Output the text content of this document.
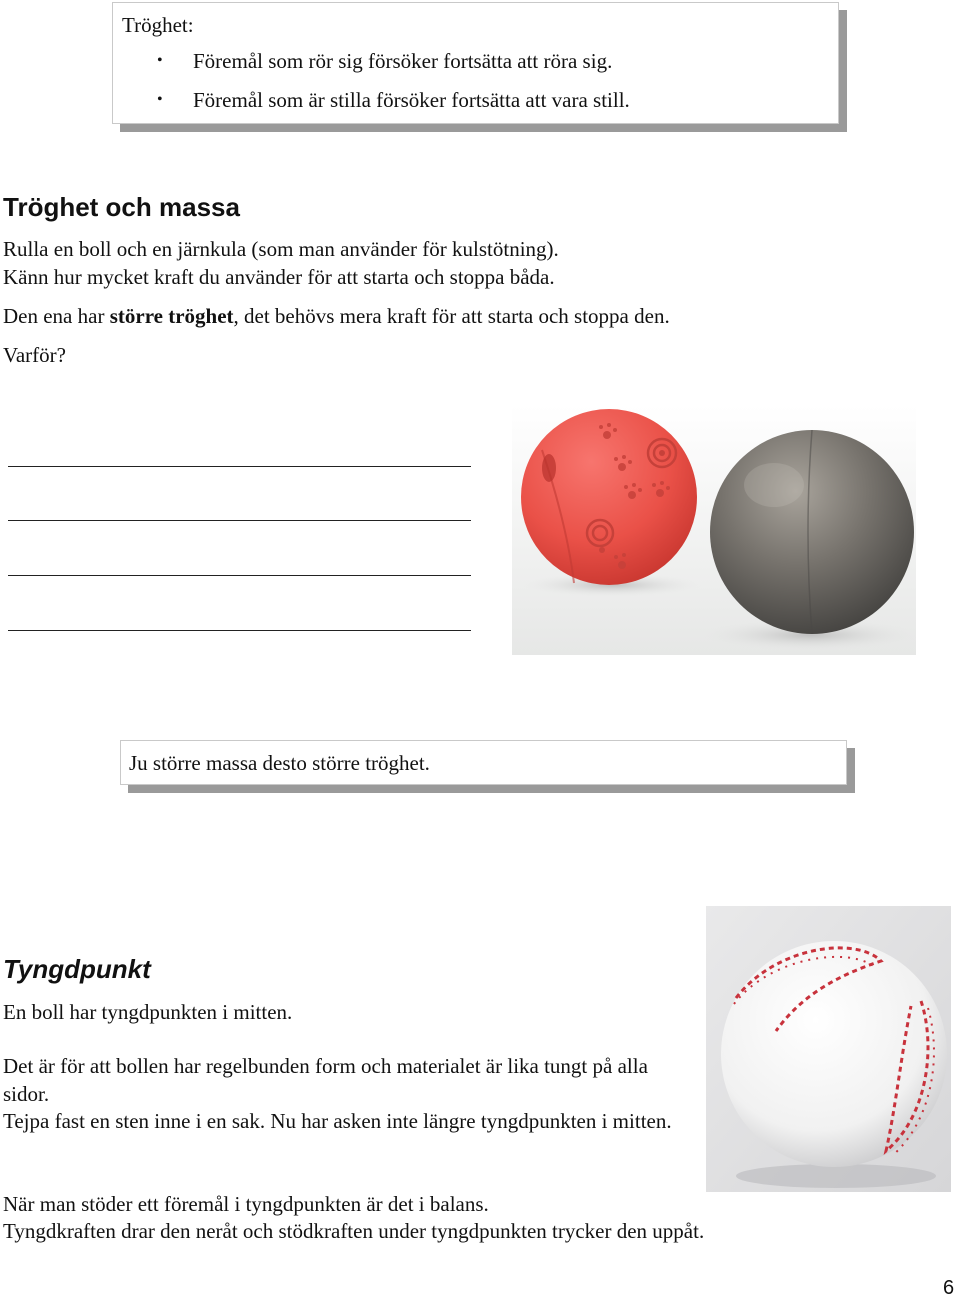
Tröghet:
• Föremål som rör sig försöker fortsätta att röra sig.
• Föremål som är stilla försöker fortsätta att vara still.
Tröghet och massa
Rulla en boll och en järnkula (som man använder för kulstötning).
Känn hur mycket kraft du använder för att starta och stoppa båda.
Den ena har större tröghet, det behövs mera kraft för att starta och stoppa den.
Varför?
Ju större massa desto större tröghet.
Tyngdpunkt
En boll har tyngdpunkten i mitten.
Det är för att bollen har regelbunden form och materialet är lika tungt på alla sidor.
Tejpa fast en sten inne i en sak. Nu har asken inte längre tyngdpunkten i mitten.
När man stöder ett föremål i tyngdpunkten är det i balans.
Tyngdkraften drar den neråt och stödkraften under tyngdpunkten trycker den uppåt.
6
